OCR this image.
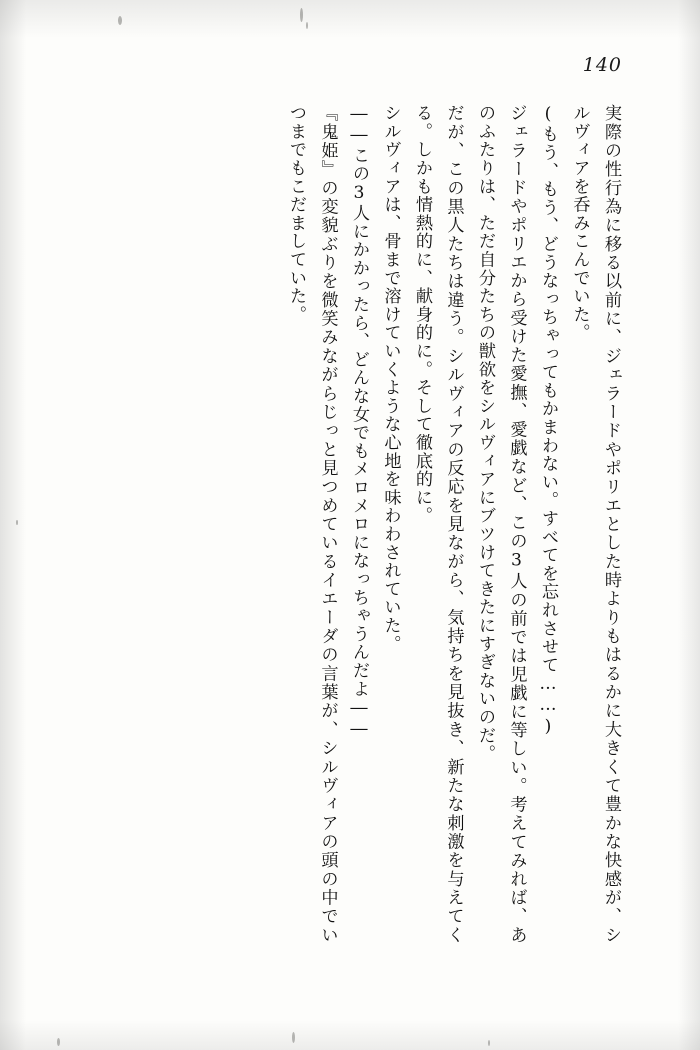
140

実際の性行為に移る以前に、ジェラードやポリエとした時よりもはるかに大きくて豊かな快感が、シルヴィアを呑みこんでいた。

(もう、もう、どうなっちゃってもかまわない。すべてを忘れさせて……)

ジェラードやポリエから受けた愛撫、愛戯など、この3人の前では児戯に等しい。考えてみれば、あのふたりは、ただ自分たちの獣欲をシルヴィアにブツけてきたにすぎないのだ。

だが、この黒人たちは違う。シルヴィアの反応を見ながら、気持ちを見抜き、新たな刺激を与えてくる。しかも情熱的に、献身的に。そして徹底的に。

シルヴィアは、骨まで溶けていくような心地を味わわされていた。

――この3人にかかったら、どんな女でもメロメロになっちゃうんだよ――

『鬼姫』の変貌ぶりを微笑みながらじっと見つめているイエーダの言葉が、シルヴィアの頭の中でいつまでもこだましていた。
